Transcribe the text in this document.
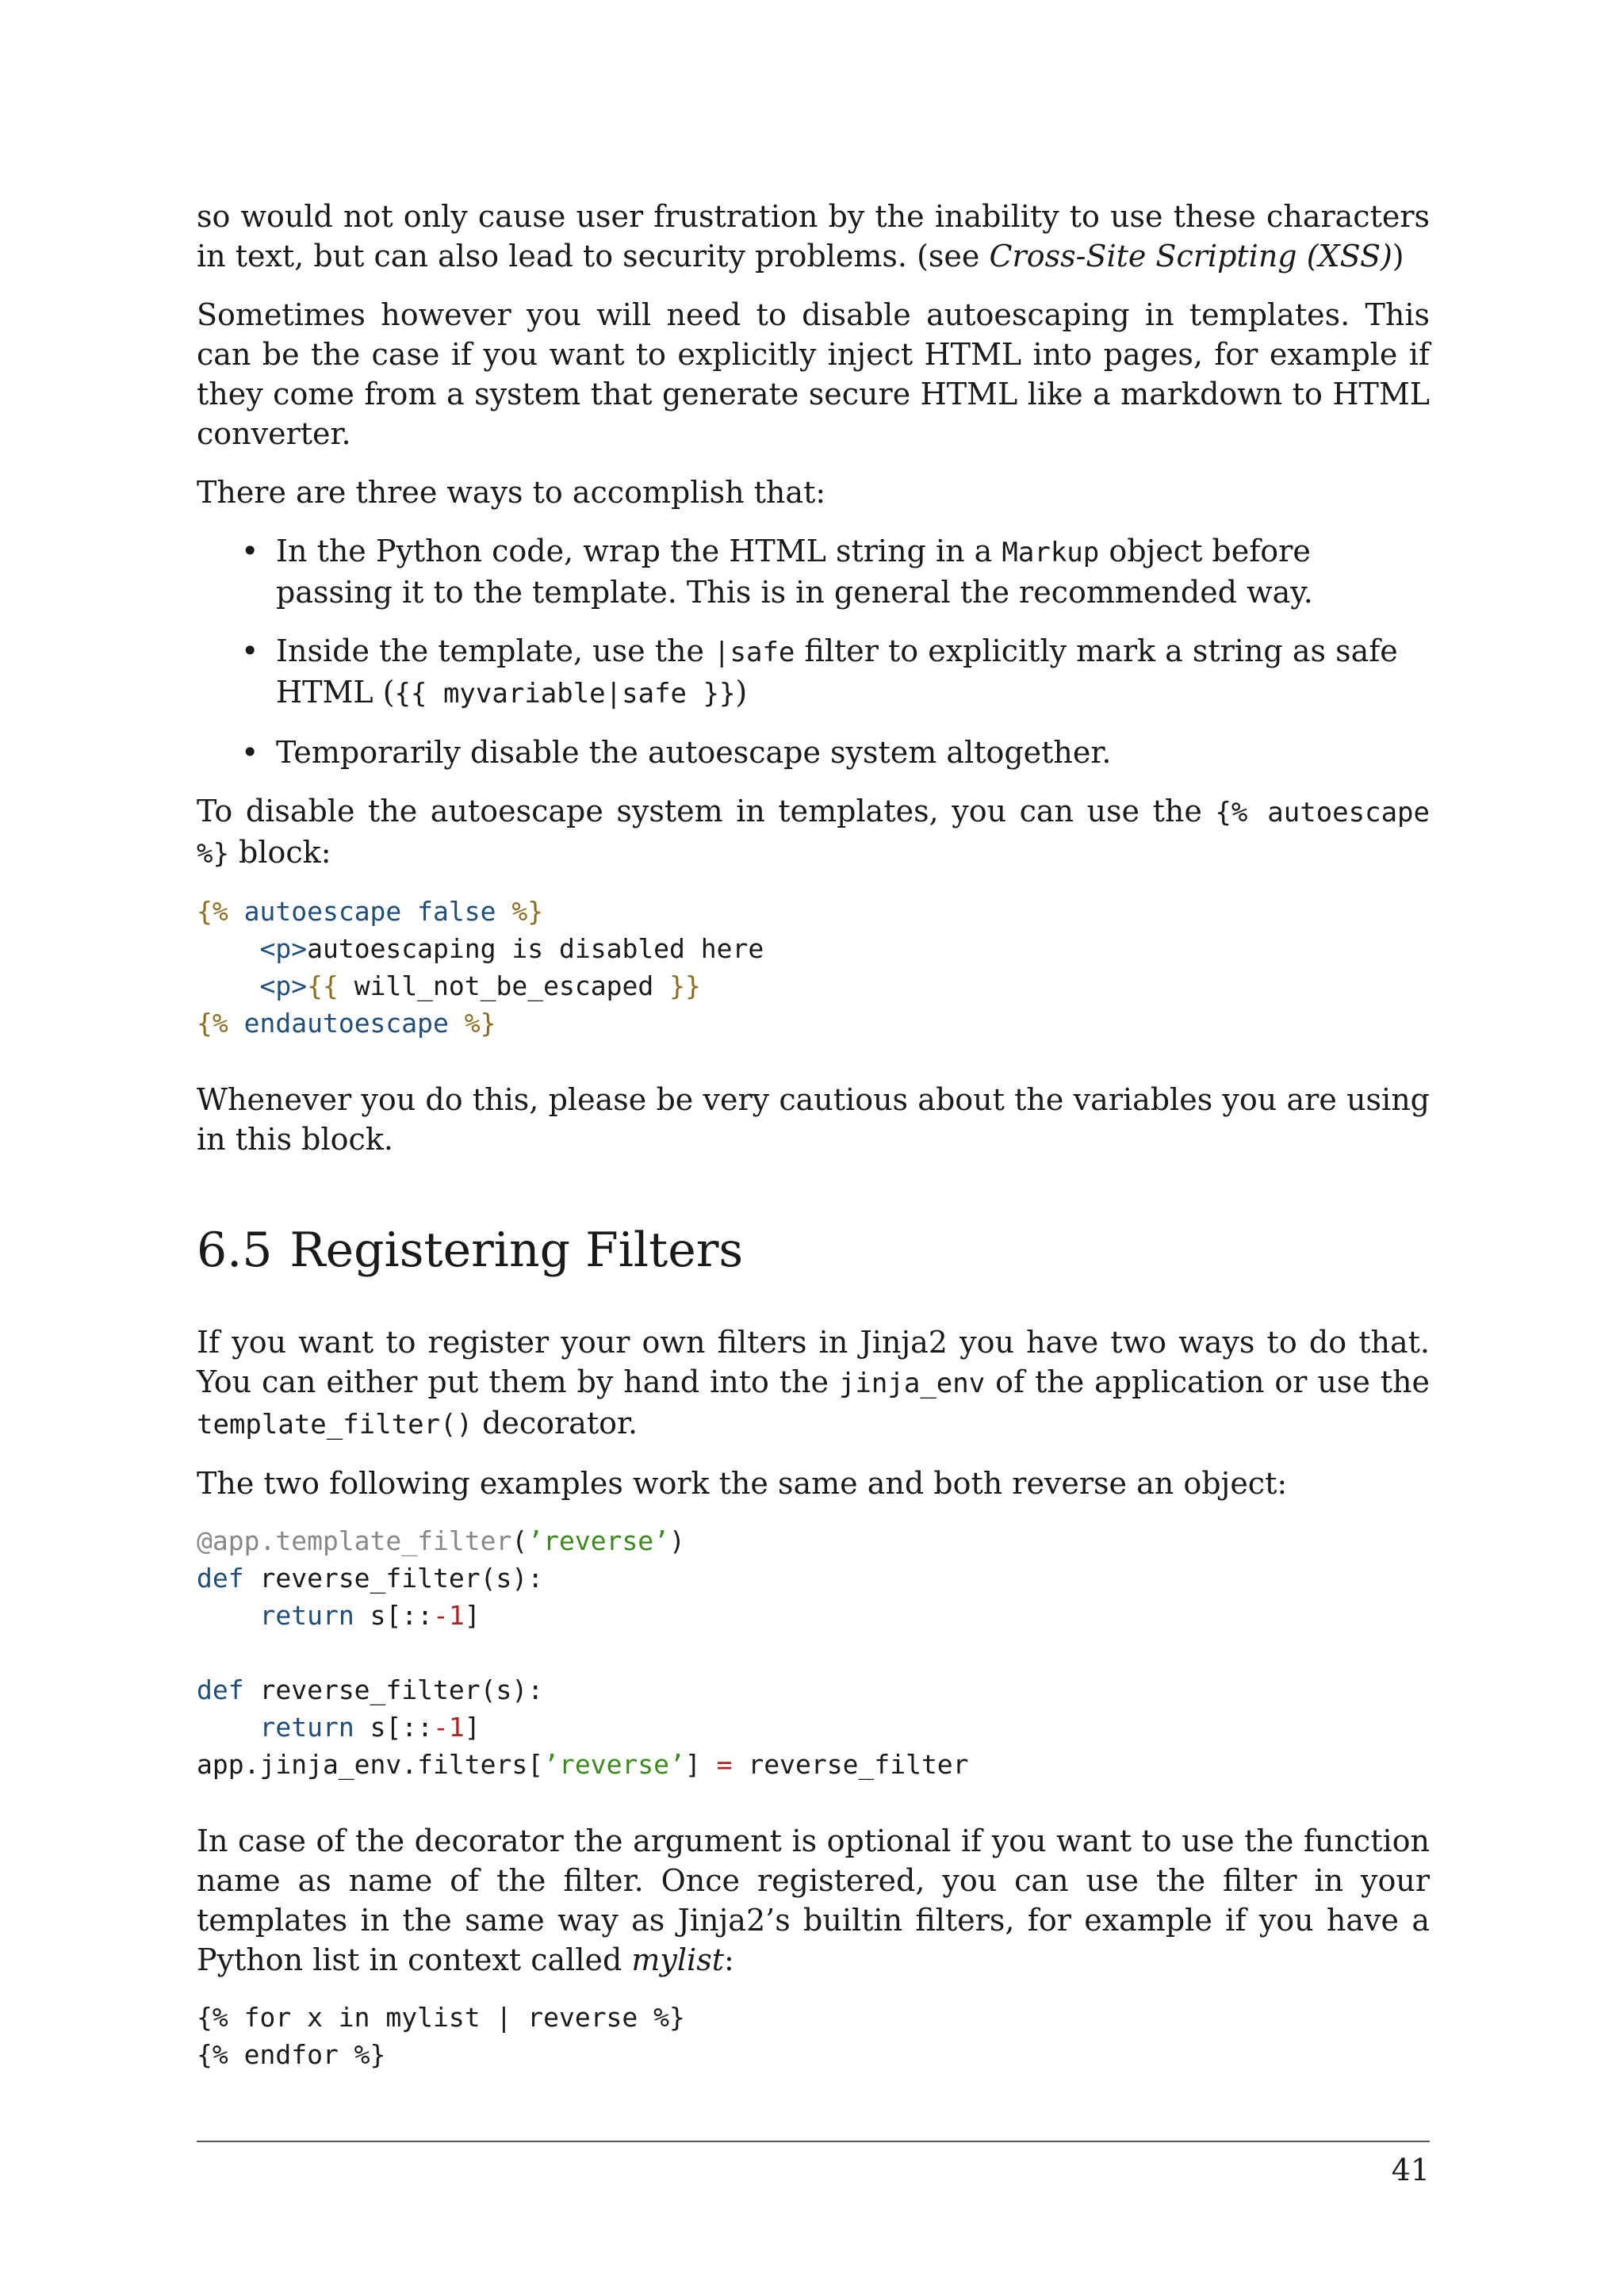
so would not only cause user frustration by the inability to use these characters in text, but can also lead to security problems. (see Cross-Site Scripting (XSS))

Sometimes however you will need to disable autoescaping in templates. This can be the case if you want to explicitly inject HTML into pages, for example if they come from a system that generate secure HTML like a markdown to HTML converter.

There are three ways to accomplish that:

• In the Python code, wrap the HTML string in a Markup object before passing it to the template. This is in general the recommended way.
• Inside the template, use the |safe filter to explicitly mark a string as safe HTML ({{ myvariable|safe }})
• Temporarily disable the autoescape system altogether.

To disable the autoescape system in templates, you can use the {% autoescape %} block:

{% autoescape false %}
<p>autoescaping is disabled here
<p>{{ will_not_be_escaped }}
{% endautoescape %}

Whenever you do this, please be very cautious about the variables you are using in this block.

6.5 Registering Filters

If you want to register your own filters in Jinja2 you have two ways to do that. You can either put them by hand into the jinja_env of the application or use the template_filter() decorator.

The two following examples work the same and both reverse an object:

@app.template_filter(’reverse’)
def reverse_filter(s):
return s[::-1]

def reverse_filter(s):
return s[::-1]
app.jinja_env.filters[’reverse’] = reverse_filter

In case of the decorator the argument is optional if you want to use the function name as name of the filter. Once registered, you can use the filter in your templates in the same way as Jinja2’s builtin filters, for example if you have a Python list in context called mylist:

{% for x in mylist | reverse %}
{% endfor %}
41
